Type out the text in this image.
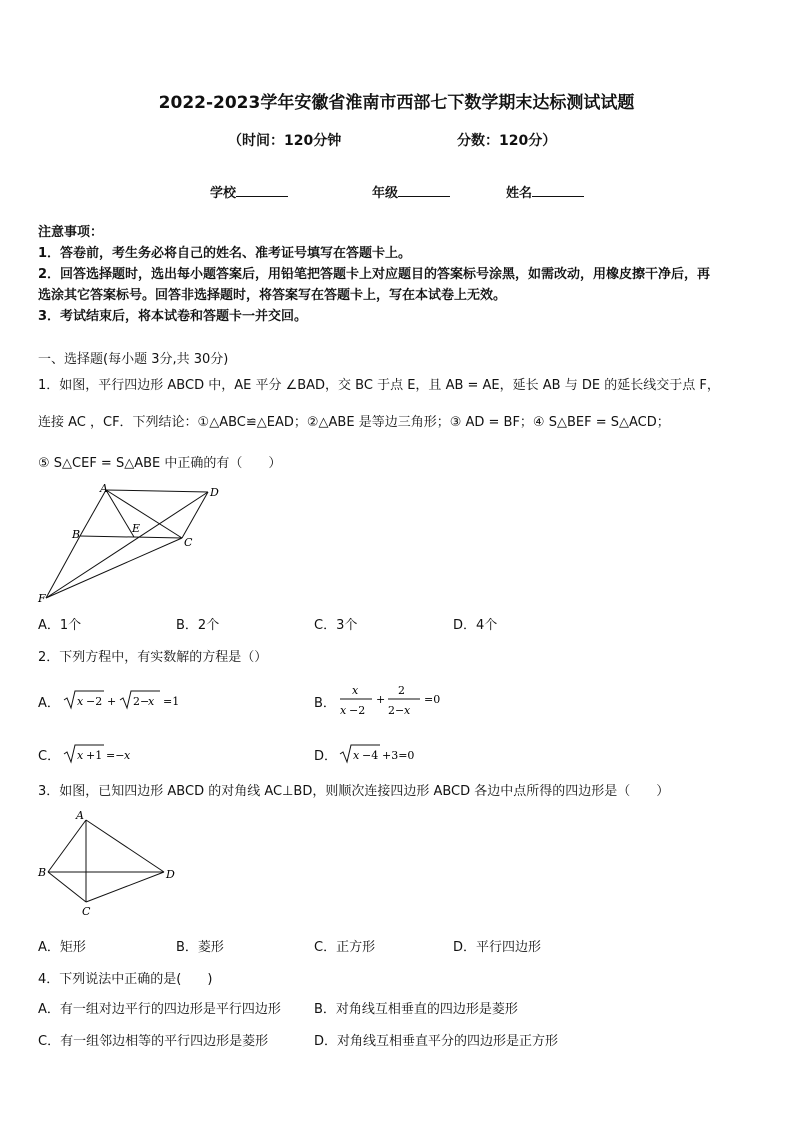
2022-2023学年安徽省淮南市西部七下数学期末达标测试试题
（时间：120分钟	分数：120分）
学校	年级	姓名
注意事项：
1．答卷前，考生务必将自己的姓名、准考证号填写在答题卡上。
2．回答选择题时，选出每小题答案后，用铅笔把答题卡上对应题目的答案标号涂黑，如需改动，用橡皮擦干净后，再
选涂其它答案标号。回答非选择题时，将答案写在答题卡上，写在本试卷上无效。
3．考试结束后，将本试卷和答题卡一并交回。
一、选择题(每小题 3分,共 30分)
1．如图，平行四边形 ABCD 中，AE 平分 ∠BAD，交 BC 于点 E，且 AB = AE，延长 AB 与 DE 的延长线交于点 F，
连接 AC ，CF．下列结论：①△ABC≌△EAD；②△ABE 是等边三角形；③ AD = BF；④ S△BEF = S△ACD；
⑤ S△CEF = S△ABE 中正确的有（　　）
A	D
B	E
C
F
A．1个	B．2个	C．3个	D．4个
2．下列方程中，有实数解的方程是（）
A． x −2 + 2−
x =1	B．
x
x −2
+
2
2− x
=0
C． x +1 =− x	D． x −4 +3=0
3．如图，已知四边形 ABCD 的对角线 AC⊥BD，则顺次连接四边形 ABCD 各边中点所得的四边形是（　　）
A
B	D
C
A．矩形	B．菱形	C．正方形	D．平行四边形
4．下列说法中正确的是(　　)
A．有一组对边平行的四边形是平行四边形	B．对角线互相垂直的四边形是菱形
C．有一组邻边相等的平行四边形是菱形	D．对角线互相垂直平分的四边形是正方形
